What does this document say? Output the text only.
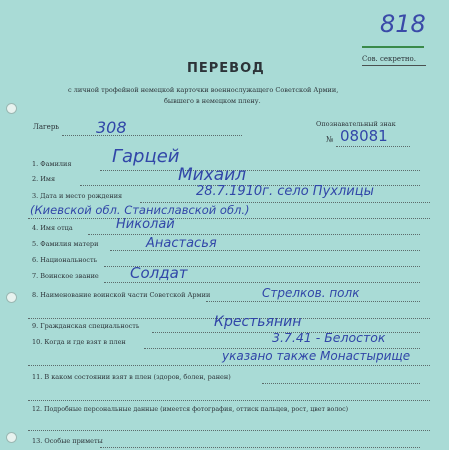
818
Сов. секретно.
ПЕРЕВОД
с личной трофейной немецкой карточки военнослужащего Советской Армии,
бывшего в немецком плену.
Лагерь 308	Опознавательный знак
№ 08081
1. Фамилия Гарцей
2. Имя	Михаил
3. Дата и место рождения	28.7.1910г. село Пухлицы
(Киевской обл. Станиславской обл.)
4. Имя отца	Николай
5. Фамилия матери	Анастасья
6. Национальность
7. Воинское звание Солдат
8. Наименование воинской части Советской Армии	Стрелков. полк
9. Гражданская специальность	Крестьянин
10. Когда и где взят в плен	3.7.41 - Белосток
указано также Монастырище
11. В каком состоянии взят в плен (здоров, болен, ранен)
12. Подробные персональные данные (имеется фотография, оттиск пальцев, рост, цвет волос)
13. Особые приметы
